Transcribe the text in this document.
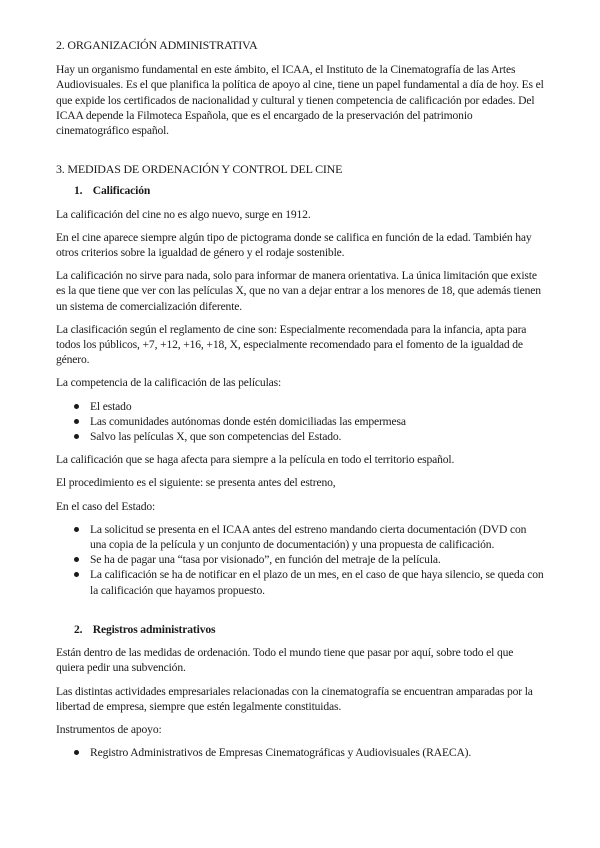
2. ORGANIZACIÓN ADMINISTRATIVA

Hay un organismo fundamental en este ámbito, el ICAA, el Instituto de la Cinematografía de las Artes Audiovisuales. Es el que planifica la política de apoyo al cine, tiene un papel fundamental a día de hoy. Es el que expide los certificados de nacionalidad y cultural y tienen competencia de calificación por edades. Del ICAA depende la Filmoteca Española, que es el encargado de la preservación del patrimonio cinematográfico español.

3. MEDIDAS DE ORDENACIÓN Y CONTROL DEL CINE
1. Calificación

La calificación del cine no es algo nuevo, surge en 1912.

En el cine aparece siempre algún tipo de pictograma donde se califica en función de la edad. También hay otros criterios sobre la igualdad de género y el rodaje sostenible.

La calificación no sirve para nada, solo para informar de manera orientativa. La única limitación que existe es la que tiene que ver con las películas X, que no van a dejar entrar a los menores de 18, que además tienen un sistema de comercialización diferente.

La clasificación según el reglamento de cine son: Especialmente recomendada para la infancia, apta para todos los públicos, +7, +12, +16, +18, X, especialmente recomendado para el fomento de la igualdad de género.

La competencia de la calificación de las películas:

El estado
Las comunidades autónomas donde estén domiciliadas las empermesa
Salvo las películas X, que son competencias del Estado.

La calificación que se haga afecta para siempre a la película en todo el territorio español.

El procedimiento es el siguiente: se presenta antes del estreno,

En el caso del Estado:

La solicitud se presenta en el ICAA antes del estreno mandando cierta documentación (DVD con una copia de la película y un conjunto de documentación) y una propuesta de calificación.
Se ha de pagar una “tasa por visionado”, en función del metraje de la película.
La calificación se ha de notificar en el plazo de un mes, en el caso de que haya silencio, se queda con la calificación que hayamos propuesto.
2. Registros administrativos

Están dentro de las medidas de ordenación. Todo el mundo tiene que pasar por aquí, sobre todo el que quiera pedir una subvención.

Las distintas actividades empresariales relacionadas con la cinematografía se encuentran amparadas por la libertad de empresa, siempre que estén legalmente constituidas.

Instrumentos de apoyo:

Registro Administrativos de Empresas Cinematográficas y Audiovisuales (RAECA).
